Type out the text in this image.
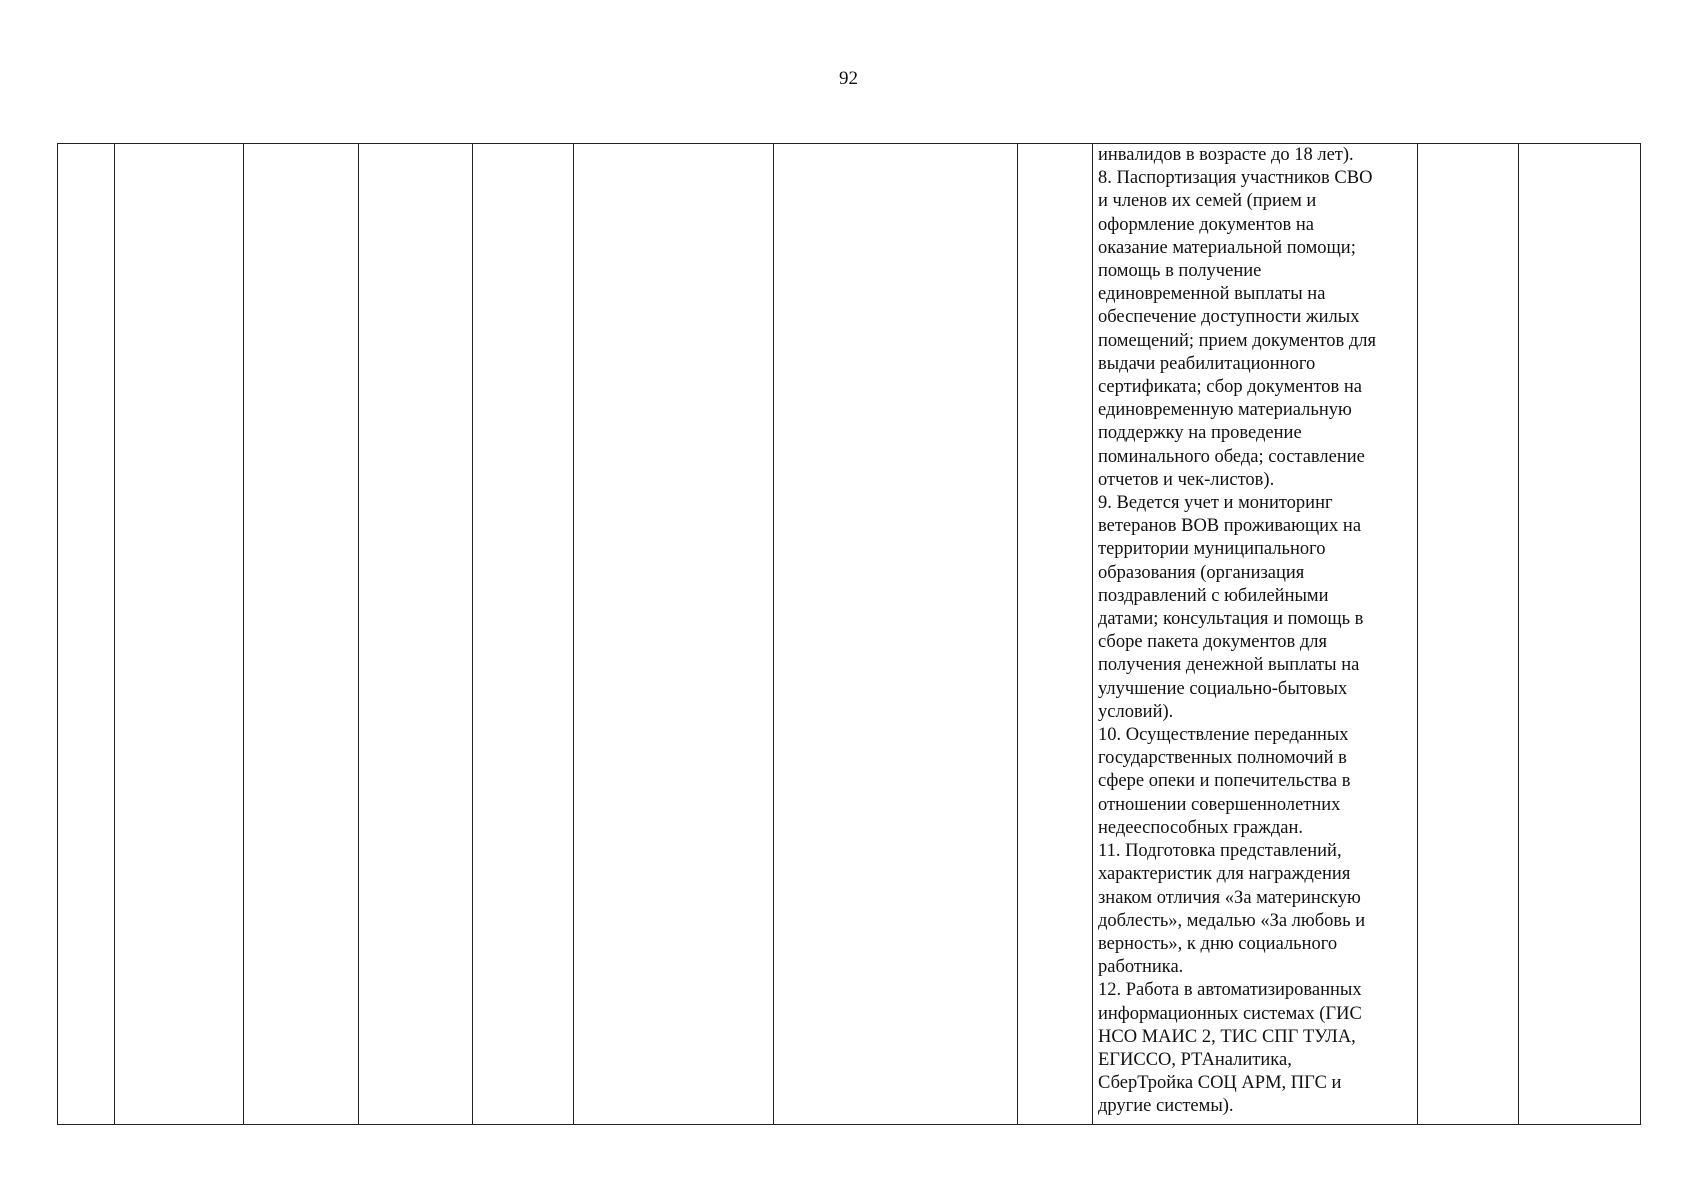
92

инвалидов в возрасте до 18 лет).
8. Паспортизация участников СВО
и членов их семей (прием и
оформление документов на
оказание материальной помощи;
помощь в получение
единовременной выплаты на
обеспечение доступности жилых
помещений; прием документов для
выдачи реабилитационного
сертификата; сбор документов на
единовременную материальную
поддержку на проведение
поминального обеда; составление
отчетов и чек-листов).
9. Ведется учет и мониторинг
ветеранов ВОВ проживающих на
территории муниципального
образования (организация
поздравлений с юбилейными
датами; консультация и помощь в
сборе пакета документов для
получения денежной выплаты на
улучшение социально-бытовых
условий).
10. Осуществление переданных
государственных полномочий в
сфере опеки и попечительства в
отношении совершеннолетних
недееспособных граждан.
11. Подготовка представлений,
характеристик для награждения
знаком отличия «За материнскую
доблесть», медалью «За любовь и
верность», к дню социального
работника.
12. Работа в автоматизированных
информационных системах (ГИС
НСО МАИС 2, ТИС СПГ ТУЛА,
ЕГИССО, РТАналитика,
СберТройка СОЦ АРМ, ПГС и
другие системы).
